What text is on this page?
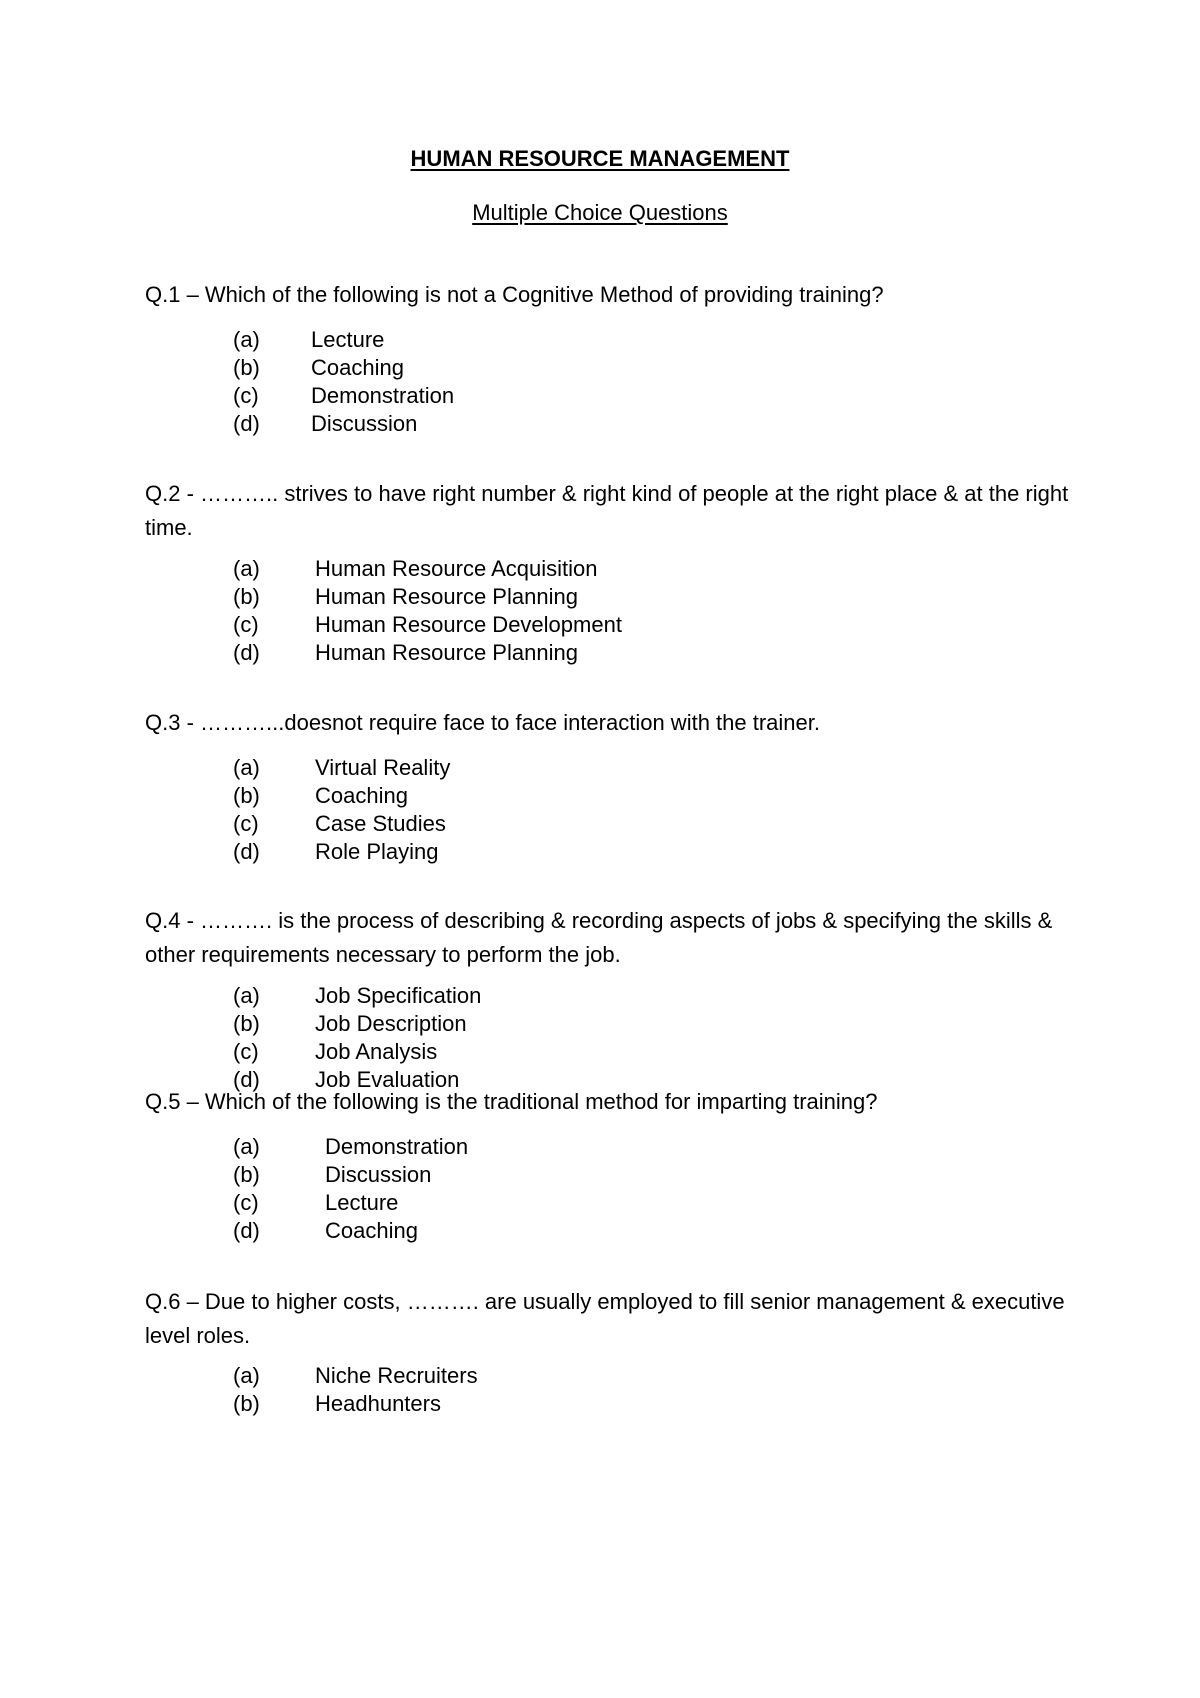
HUMAN RESOURCE MANAGEMENT
Multiple Choice Questions

Q.1 – Which of the following is not a Cognitive Method of providing training?

(a) Lecture
(b) Coaching
(c) Demonstration
(d) Discussion

Q.2 - ……….. strives to have right number & right kind of people at the right place & at the right time.

(a)	Human Resource Acquisition
(b)	Human Resource Planning
(c)	Human Resource Development
(d)	Human Resource Planning

Q.3 - ………...doesnot require face to face interaction with the trainer.

(a)	Virtual Reality
(b)	Coaching
(c)	Case Studies
(d)	Role Playing

Q.4 - ………. is the process of describing & recording aspects of jobs & specifying the skills & other requirements necessary to perform the job.

(a)	Job Specification
(b)	Job Description
(c)	Job Analysis
(d)	Job Evaluation

Q.5 – Which of the following is the traditional method for imparting training?

(a)	Demonstration
(b)	Discussion
(c)	Lecture
(d)	Coaching

Q.6 – Due to higher costs, ………. are usually employed to fill senior management & executive level roles.

(a)	Niche Recruiters
(b)	Headhunters
